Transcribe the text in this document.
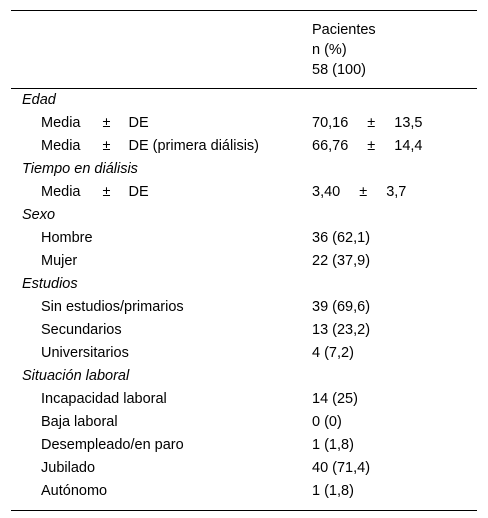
Pacientes
n (%)
58 (100)
Edad
Media ± DE	70,16 ± 13,5
Media ± DE (primera diálisis)	66,76 ± 14,4
Tiempo en diálisis
Media ± DE	3,40 ± 3,7
Sexo
Hombre	36 (62,1)
Mujer	22 (37,9)
Estudios
Sin estudios/primarios	39 (69,6)
Secundarios	13 (23,2)
Universitarios	4 (7,2)
Situación laboral
Incapacidad laboral	14 (25)
Baja laboral	0 (0)
Desempleado/en paro	1 (1,8)
Jubilado	40 (71,4)
Autónomo	1 (1,8)
